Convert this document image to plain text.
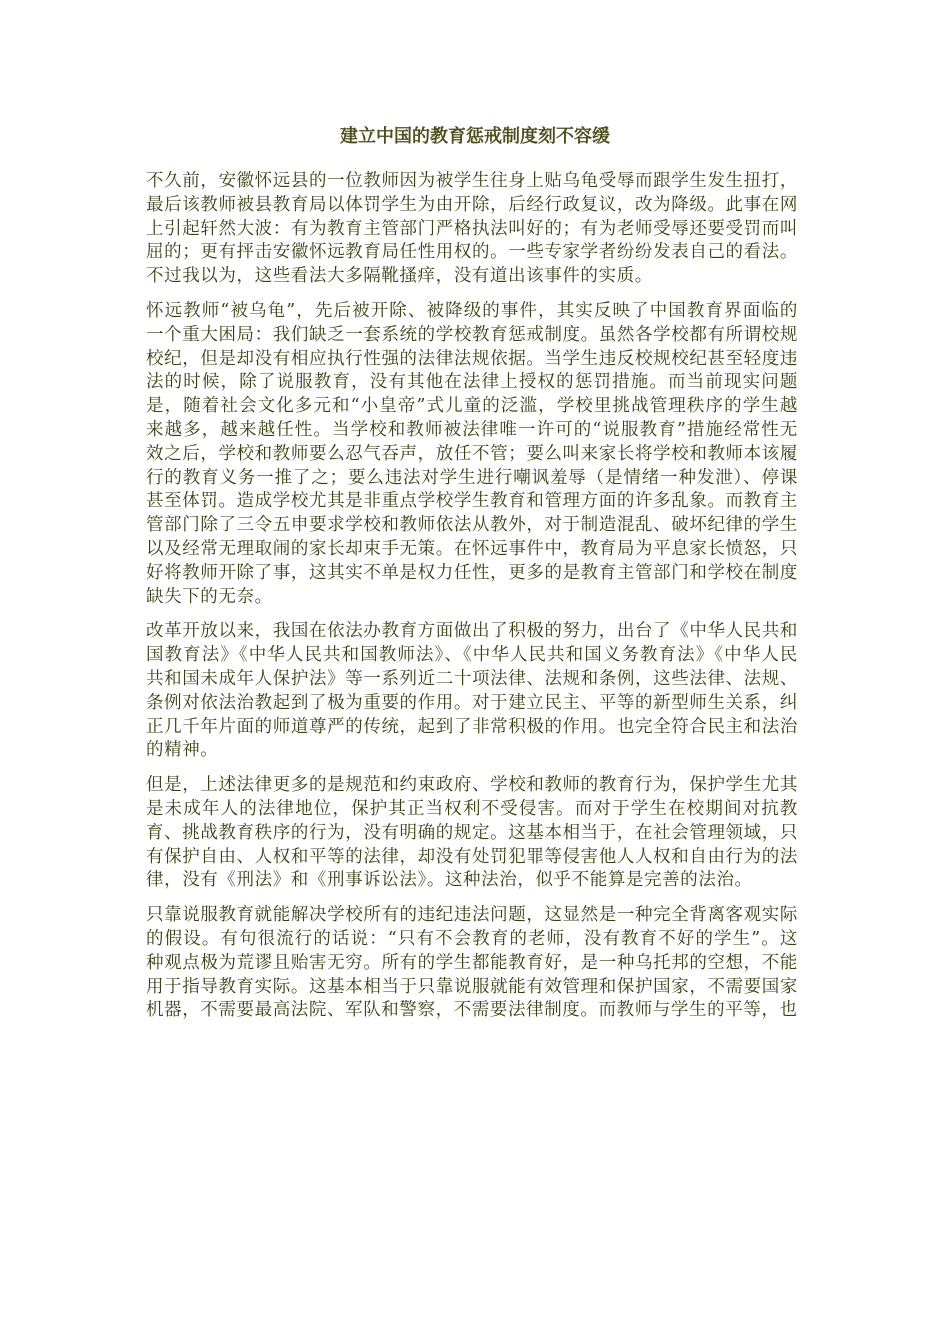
建立中国的教育惩戒制度刻不容缓

不久前，安徽怀远县的一位教师因为被学生往身上贴乌龟受辱而跟学生发生扭打，最后该教师被县教育局以体罚学生为由开除，后经行政复议，改为降级。此事在网上引起轩然大波：有为教育主管部门严格执法叫好的；有为老师受辱还要受罚而叫屈的；更有抨击安徽怀远教育局任性用权的。一些专家学者纷纷发表自己的看法。不过我以为，这些看法大多隔靴搔痒，没有道出该事件的实质。

怀远教师“被乌龟”，先后被开除、被降级的事件，其实反映了中国教育界面临的一个重大困局：我们缺乏一套系统的学校教育惩戒制度。虽然各学校都有所谓校规校纪，但是却没有相应执行性强的法律法规依据。当学生违反校规校纪甚至轻度违法的时候，除了说服教育，没有其他在法律上授权的惩罚措施。而当前现实问题是，随着社会文化多元和“小皇帝”式儿童的泛滥，学校里挑战管理秩序的学生越来越多，越来越任性。当学校和教师被法律唯一许可的“说服教育”措施经常性无效之后，学校和教师要么忍气吞声，放任不管；要么叫来家长将学校和教师本该履行的教育义务一推了之；要么违法对学生进行嘲讽羞辱（是情绪一种发泄）、停课甚至体罚。造成学校尤其是非重点学校学生教育和管理方面的许多乱象。而教育主管部门除了三令五申要求学校和教师依法从教外，对于制造混乱、破坏纪律的学生以及经常无理取闹的家长却束手无策。在怀远事件中，教育局为平息家长愤怒，只好将教师开除了事，这其实不单是权力任性，更多的是教育主管部门和学校在制度缺失下的无奈。

改革开放以来，我国在依法办教育方面做出了积极的努力，出台了《中华人民共和国教育法》《中华人民共和国教师法》、《中华人民共和国义务教育法》《中华人民共和国未成年人保护法》等一系列近二十项法律、法规和条例，这些法律、法规、条例对依法治教起到了极为重要的作用。对于建立民主、平等的新型师生关系，纠正几千年片面的师道尊严的传统，起到了非常积极的作用。也完全符合民主和法治的精神。

但是，上述法律更多的是规范和约束政府、学校和教师的教育行为，保护学生尤其是未成年人的法律地位，保护其正当权利不受侵害。而对于学生在校期间对抗教育、挑战教育秩序的行为，没有明确的规定。这基本相当于，在社会管理领域，只有保护自由、人权和平等的法律，却没有处罚犯罪等侵害他人人权和自由行为的法律，没有《刑法》和《刑事诉讼法》。这种法治，似乎不能算是完善的法治。

只靠说服教育就能解决学校所有的违纪违法问题，这显然是一种完全背离客观实际的假设。有句很流行的话说：“只有不会教育的老师，没有教育不好的学生”。这种观点极为荒谬且贻害无穷。所有的学生都能教育好，是一种乌托邦的空想，不能用于指导教育实际。这基本相当于只靠说服就能有效管理和保护国家，不需要国家机器，不需要最高法院、军队和警察，不需要法律制度。而教师与学生的平等，也
